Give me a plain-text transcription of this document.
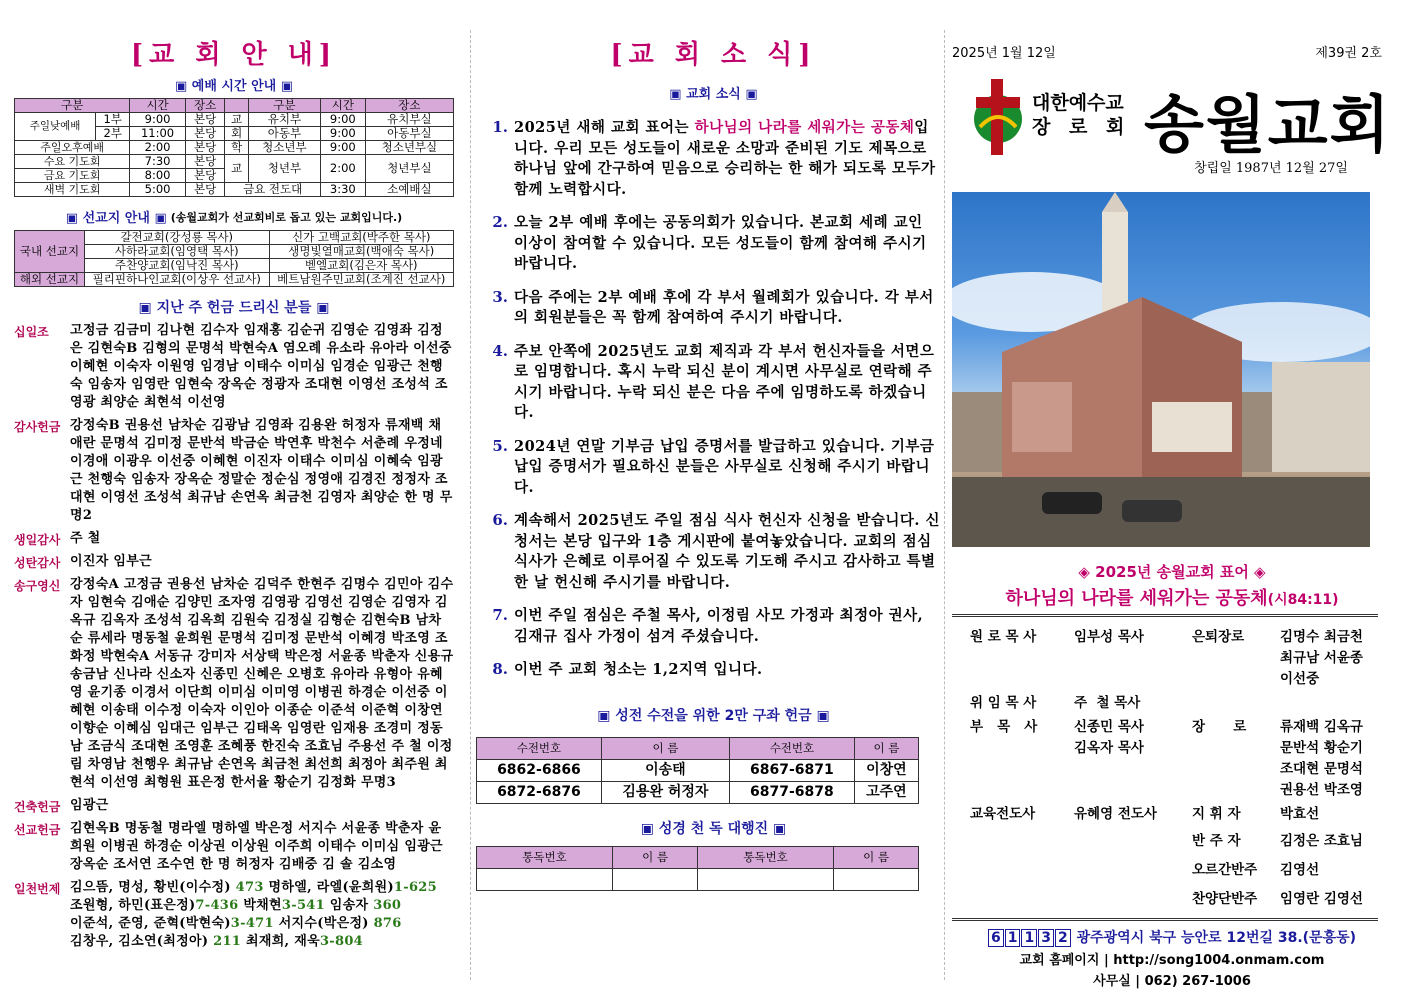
[교 회 안 내]
▣ 예배 시간 안내 ▣
구분		시간	장소		구분	시간	장소
주일낮예배	1부	9:00	본당	교	유치부	9:00	유치부실
	2부	11:00	본당	회	아동부	9:00	아동부실
주일오후예배		2:00	본당	학	청소년부	9:00	청소년부실
수요 기도회		7:30	본당	교	청년부	2:00	청년부실
금요 기도회		8:00	본당				
새벽 기도회		5:00	본당	금요 전도대		3:30	소예배실
▣ 선교지 안내 ▣ (송월교회가 선교회비로 돕고 있는 교회입니다.)
국내 선교지	갈전교회(강성룡 목사)	신가 고백교회(박주한 목사)
	사하라교회(임영택 목사)	생명빛열매교회(백애숙 목사)
	주찬양교회(임낙진 목사)	벧엘교회(김은자 목사)
해외 선교지	필리핀하나인교회(이상우 선교사)	베트남원주민교회(조계진 선교사)
▣ 지난 주 헌금 드리신 분들 ▣
십일조	고정금 김금미 김나현 김수자 임재홍 김순귀 김영순 김영좌 김정은 김현숙B 김형의 문명석 박현숙A 염오례 유소라 유아라 이선중 이혜현 이숙자 이원영 임경남 이태수 이미심 임경순 임광근 천행숙 임송자 임영란 임현숙 장옥순 정광자 조대현 이영선 조성석 조영광 최양순 최현석 이선영
감사헌금 강정숙B 권용선 남차순 김광남 김영좌 김용완 허정자 류재백 채애란 문명석 김미정 문반석 박금순 박연후 박천수 서춘례 우정네 이경애 이광우 이선중 이혜현 이진자 이태수 이미심 이혜숙 임광근 천행숙 임송자 장옥순 정말순 정순심 정영애 김경진 정정자 조대현 이영선 조성석 최규남 손연옥 최금천 김영자 최양순 한 명 무명2
생일감사 주 철
성탄감사 이진자 임부근
송구영신 강정숙A 고정금 권용선 남차순 김덕주 한현주 김명수 김민아 김수자 임현숙 김애순 김양민 조자영 김영광 김영선 김영순 김영자 김옥규 김옥자 조성석 김옥희 김원숙 김정실 김형순 김현숙B 남차순 류세라 명동철 윤희원 문명석 김미정 문반석 이혜경 박조영 조화정 박현숙A 서동규 강미자 서상택 박은정 서윤종 박춘자 신용규 송금남 신나라 신소자 신종민 신혜은 오병호 유아라 유형아 유혜영 윤기종 이경서 이단희 이미심 이미영 이병권 하경순 이선중 이혜현 이송태 이수정 이숙자 이인아 이종순 이준석 이준혁 이창연 이향순 이혜심 임대근 임부근 김태옥 임영란 임재용 조경미 정동남 조금식 조대현 조영훈 조혜풍 한진숙 조효님 주용선 주 철 이정림 차영남 천행우 최규남 손연옥 최금천 최선희 최정아 최주원 최현석 이선영 최형원 표은정 한서율 황순기 김정화 무명3
건축헌금 임광근
선교헌금 김현옥B 명동철 명라엘 명하엘 박은정 서지수 서윤종 박춘자 윤희원 이병권 하경순 이상권 이상원 이주희 이태수 이미심 임광근 장옥순 조서연 조수연 한 명 허정자 김배중 김 솔 김소영
일천번제 김으뜸, 명성, 황빈(이수정) 473 명하엘, 라엘(윤희원)1-625
조원형, 하민(표은정)7-436 박채현3-541 임송자 360
이준석, 준영, 준혁(박현숙)3-471 서지수(박은정) 876
김창우, 김소연(최정아) 211 최재희, 재욱3-804
[교 회 소 식]
▣ 교회 소식 ▣
1. 2025년 새해 교회 표어는 하나님의 나라를 세워가는 공동체입니다. 우리 모든 성도들이 새로운 소망과 준비된 기도 제목으로 하나님 앞에 간구하여 믿음으로 승리하는 한 해가 되도록 모두가 함께 노력합시다.
2. 오늘 2부 예배 후에는 공동의회가 있습니다. 본교회 세례 교인 이상이 참여할 수 있습니다. 모든 성도들이 함께 참여해 주시기 바랍니다.
3. 다음 주에는 2부 예배 후에 각 부서 월례회가 있습니다. 각 부서의 회원분들은 꼭 함께 참여하여 주시기 바랍니다.
4. 주보 안쪽에 2025년도 교회 제직과 각 부서 헌신자들을 서면으로 임명합니다. 혹시 누락 되신 분이 계시면 사무실로 연락해 주시기 바랍니다. 누락 되신 분은 다음 주에 임명하도록 하겠습니다.
5. 2024년 연말 기부금 납입 증명서를 발급하고 있습니다. 기부금 납입 증명서가 필요하신 분들은 사무실로 신청해 주시기 바랍니다.
6. 계속해서 2025년도 주일 점심 식사 헌신자 신청을 받습니다. 신청서는 본당 입구와 1층 게시판에 붙여놓았습니다. 교회의 점심식사가 은혜로 이루어질 수 있도록 기도해 주시고 감사하고 특별한 날 헌신해 주시기를 바랍니다.
7. 이번 주일 점심은 주철 목사, 이정림 사모 가정과 최정아 권사, 김재규 집사 가정이 섬겨 주셨습니다.
8. 이번 주 교회 청소는 1,2지역 입니다.
▣ 성전 수전을 위한 2만 구좌 헌금 ▣
수전번호	이 름	수전번호	이 름
6862-6866	이송태	6867-6871	이창연
6872-6876	김용완 허정자	6877-6878	고주연
▣ 성경 천 독 대행진 ▣
통독번호	이 름	통독번호	이 름

2025년 1월 12일	제39권 2호
대한예수교
장 로 회 송월교회
창립일 1987년 12월 27일
◈ 2025년 송월교회 표어 ◈
하나님의 나라를 세워가는 공동체(시84:11)
원 로 목 사	임부성 목사	은퇴장로	김명수 최금천
최규남 서윤종
이선중
위 임 목 사	주  철 목사
부   목   사	신종민 목사
김옥자 목사
장      로	류재백 김옥규
문반석 황순기
조대현 문명석
권용선 박조영
교육전도사	유혜영 전도사	지 휘 자	박효선
반 주 자	김정은 조효님
오르간반주	김영선
찬양단반주	임영란 김영선
6 1 1 3 2 광주광역시 북구 능안로 12번길 38.(문흥동)
교회 홈페이지 | http://song1004.onmam.com
사무실 | 062) 267-1006
